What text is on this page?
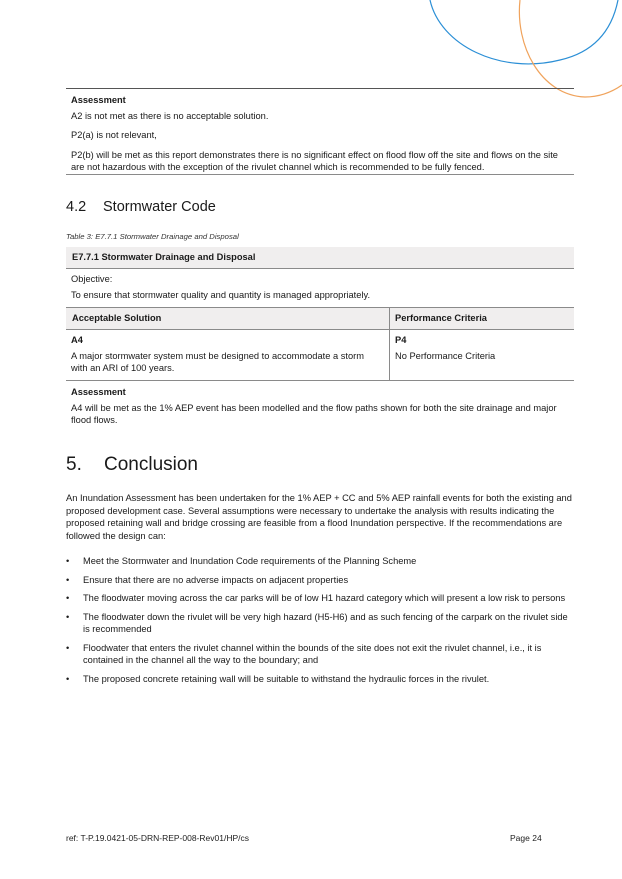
Assessment

A2 is not met as there is no acceptable solution.

P2(a) is not relevant,

P2(b) will be met as this report demonstrates there is no significant effect on flood flow off the site and flows on the site are not hazardous with the exception of the rivulet channel which is recommended to be fully fenced.

4.2 Stormwater Code
Table 3: E7.7.1 Stormwater Drainage and Disposal
E7.7.1 Stormwater Drainage and Disposal

Objective:

To ensure that stormwater quality and quantity is managed appropriately.

Acceptable Solution	Performance Criteria

A4

A major stormwater system must be designed to accommodate a storm with an ARI of 100 years.

P4

No Performance Criteria

Assessment

A4 will be met as the 1% AEP event has been modelled and the flow paths shown for both the site drainage and major flood flows.

5. Conclusion

An Inundation Assessment has been undertaken for the 1% AEP + CC and 5% AEP rainfall events for both the existing and proposed development case. Several assumptions were necessary to undertake the analysis with results indicating the proposed retaining wall and bridge crossing are feasible from a flood Inundation perspective. If the recommendations are followed the design can:

• Meet the Stormwater and Inundation Code requirements of the Planning Scheme
• Ensure that there are no adverse impacts on adjacent properties
• The floodwater moving across the car parks will be of low H1 hazard category which will present a low risk to persons
• The floodwater down the rivulet will be very high hazard (H5-H6) and as such fencing of the carpark on the rivulet side is recommended
• Floodwater that enters the rivulet channel within the bounds of the site does not exit the rivulet channel, i.e., it is contained in the channel all the way to the boundary; and
• The proposed concrete retaining wall will be suitable to withstand the hydraulic forces in the rivulet.
ref: T-P.19.0421-05-DRN-REP-008-Rev01/HP/cs	Page 24
